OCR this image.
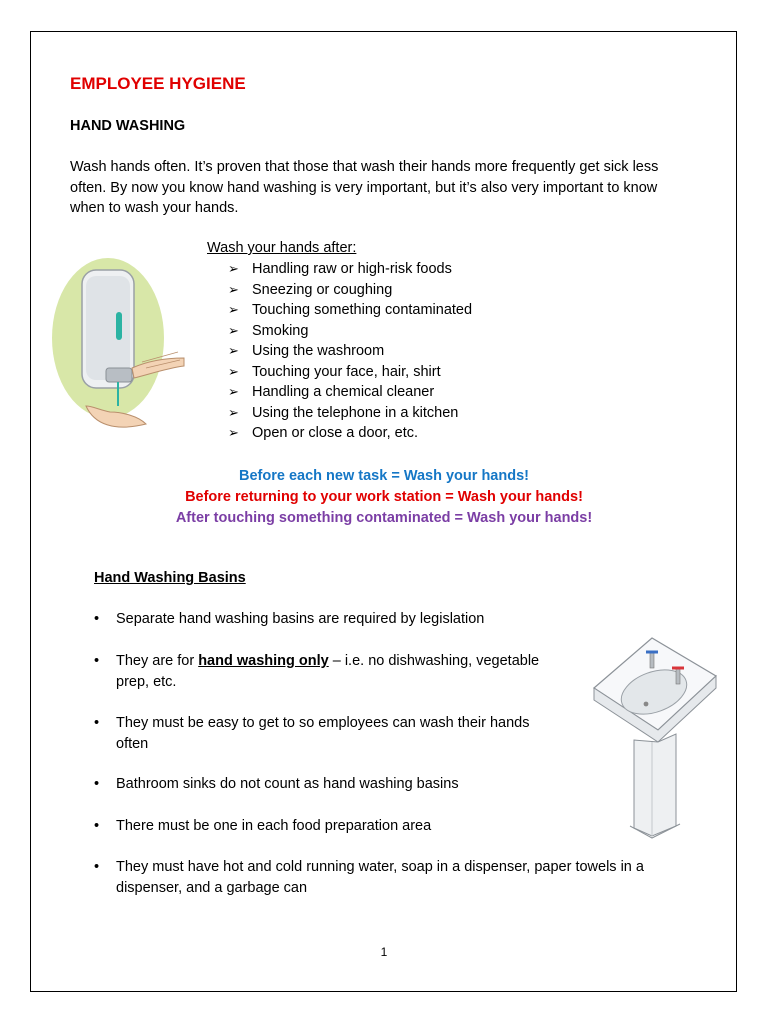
EMPLOYEE HYGIENE
HAND WASHING
Wash hands often. It’s proven that those that wash their hands more frequently get sick less
often. By now you know hand washing is very important, but it’s also very important to know
when to wash your hands.
Wash your hands after:
➢ Handling raw or high-risk foods
➢ Sneezing or coughing
➢ Touching something contaminated
➢ Smoking
➢ Using the washroom
➢ Touching your face, hair, shirt
➢ Handling a chemical cleaner
➢ Using the telephone in a kitchen
➢ Open or close a door, etc.
Before each new task = Wash your hands!
Before returning to your work station = Wash your hands!
After touching something contaminated = Wash your hands!
Hand Washing Basins
• Separate hand washing basins are required by legislation
• They are for hand washing only – i.e. no dishwashing, vegetable
prep, etc.
• They must be easy to get to so employees can wash their hands
often
• Bathroom sinks do not count as hand washing basins
• There must be one in each food preparation area
• They must have hot and cold running water, soap in a dispenser, paper towels in a
dispenser, and a garbage can
1
